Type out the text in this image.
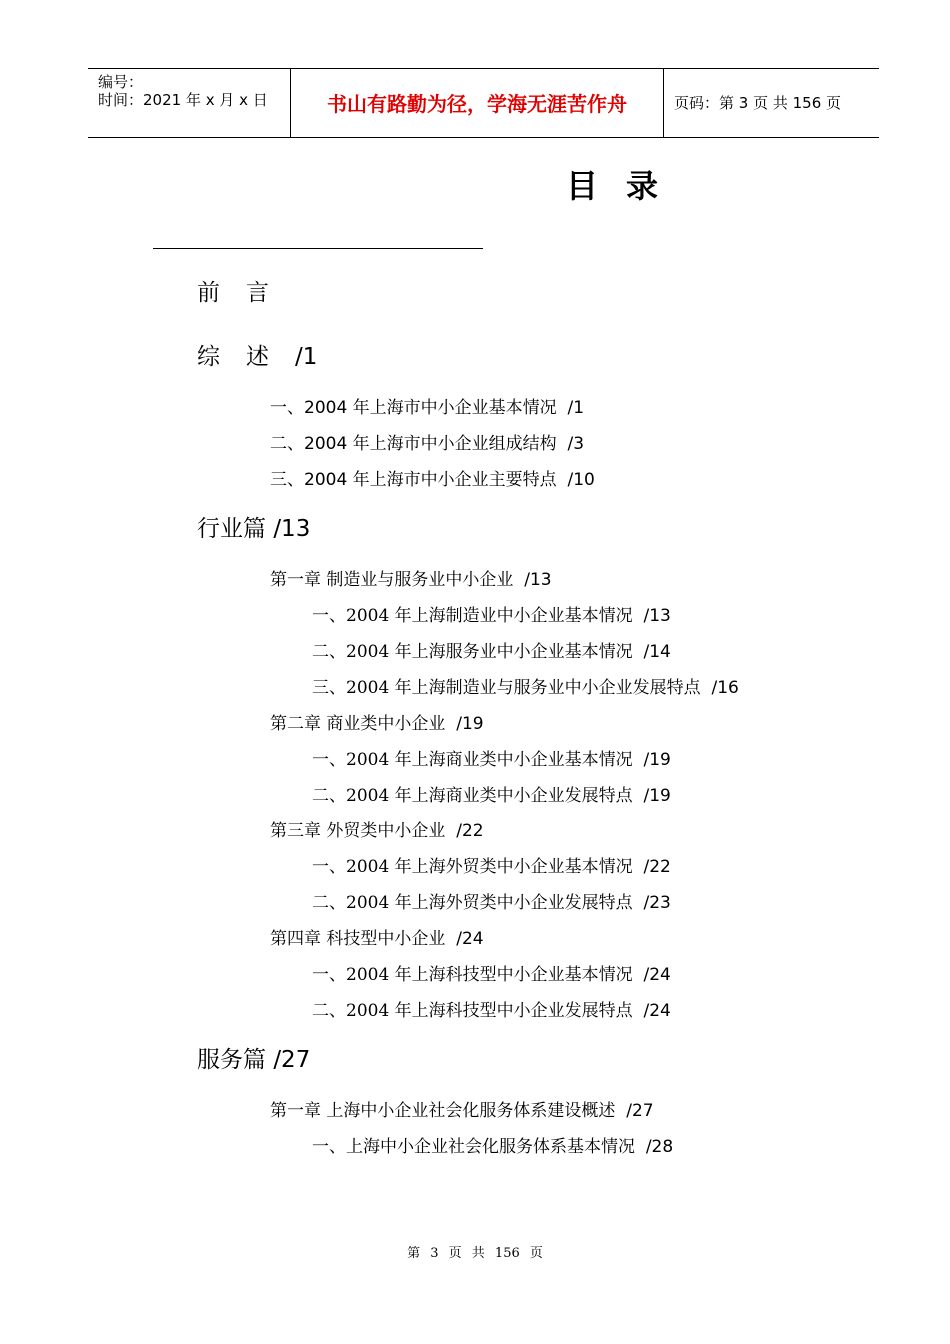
编号：
时间：2021 年 x 月 x 日	书山有路勤为径，学海无涯苦作舟	页码：第 3 页 共 156 页
目录
前言
综述/1
一、2004 年上海市中小企业基本情况 /1
二、2004 年上海市中小企业组成结构 /3
三、2004 年上海市中小企业主要特点 /10
行业篇 /13
第一章 制造业与服务业中小企业 /13
一、2004 年上海制造业中小企业基本情况 /13
二、2004 年上海服务业中小企业基本情况 /14
三、2004 年上海制造业与服务业中小企业发展特点 /16
第二章 商业类中小企业 /19
一、2004 年上海商业类中小企业基本情况 /19
二、2004 年上海商业类中小企业发展特点 /19
第三章 外贸类中小企业 /22
一、2004 年上海外贸类中小企业基本情况 /22
二、2004 年上海外贸类中小企业发展特点 /23
第四章 科技型中小企业 /24
一、2004 年上海科技型中小企业基本情况 /24
二、2004 年上海科技型中小企业发展特点 /24
服务篇 /27
第一章 上海中小企业社会化服务体系建设概述 /27
一、上海中小企业社会化服务体系基本情况 /28
第 3 页 共 156 页
